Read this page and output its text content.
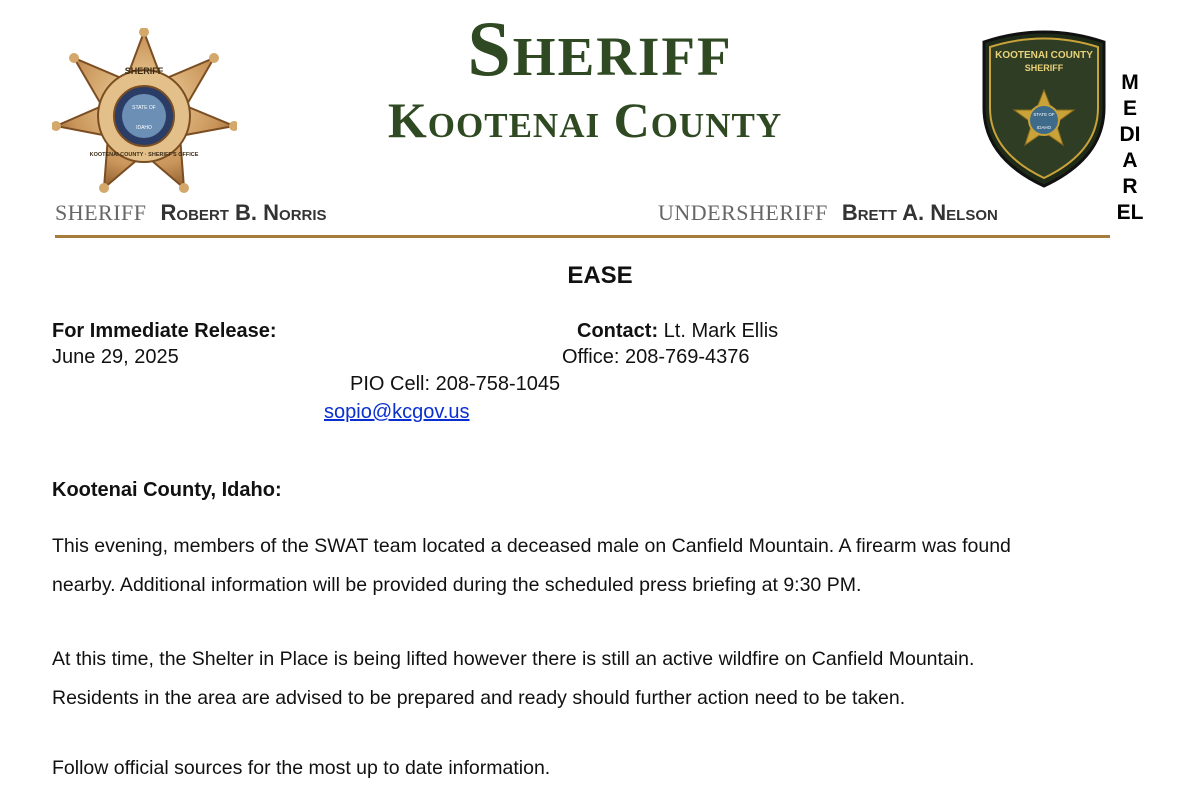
SHERIFF
STATE OF
IDAHO
KOOTENAI COUNTY · SHERIFF'S OFFICE
Sheriff
Kootenai County
KOOTENAI COUNTY
SHERIFF
STATE OF
IDAHO
M
E
DI
A
R
EL
SHERIFF Robert B. Norris	UNDERSHERIFF Brett A. Nelson
EASE
For Immediate Release:
June 29, 2025
Contact: Lt. Mark Ellis
Office: 208-769-4376
PIO Cell: 208-758-1045
sopio@kcgov.us
Kootenai County, Idaho:
This evening, members of the SWAT team located a deceased male on Canfield Mountain. A firearm was found
nearby. Additional information will be provided during the scheduled press briefing at 9:30 PM.
At this time, the Shelter in Place is being lifted however there is still an active wildfire on Canfield Mountain.
Residents in the area are advised to be prepared and ready should further action need to be taken.
Follow official sources for the most up to date information.
